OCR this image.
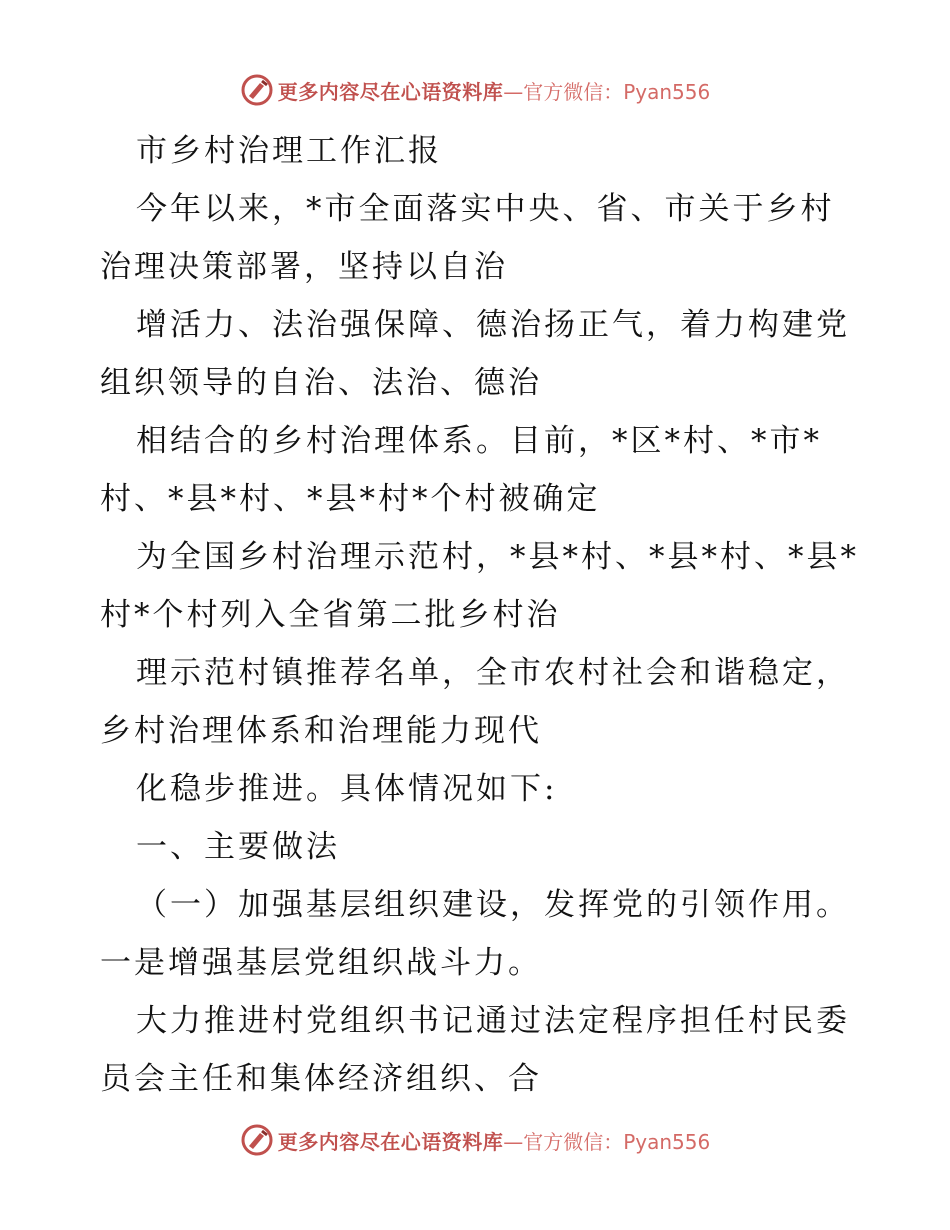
更多内容尽在心语资料库 —官方微信：Pyan556

市乡村治理工作汇报

今年以来，*市全面落实中央、省、市关于乡村

治理决策部署，坚持以自治

增活力、法治强保障、德治扬正气，着力构建党

组织领导的自治、法治、德治

相结合的乡村治理体系。目前，*区*村、*市*

村、*县*村、*县*村*个村被确定

为全国乡村治理示范村，*县*村、*县*村、*县*

村*个村列入全省第二批乡村治

理示范村镇推荐名单，全市农村社会和谐稳定，

乡村治理体系和治理能力现代

化稳步推进。具体情况如下:

一、主要做法

（一）加强基层组织建设，发挥党的引领作用。

一是增强基层党组织战斗力。

大力推进村党组织书记通过法定程序担任村民委

员会主任和集体经济组织、合

更多内容尽在心语资料库 —官方微信：Pyan556
